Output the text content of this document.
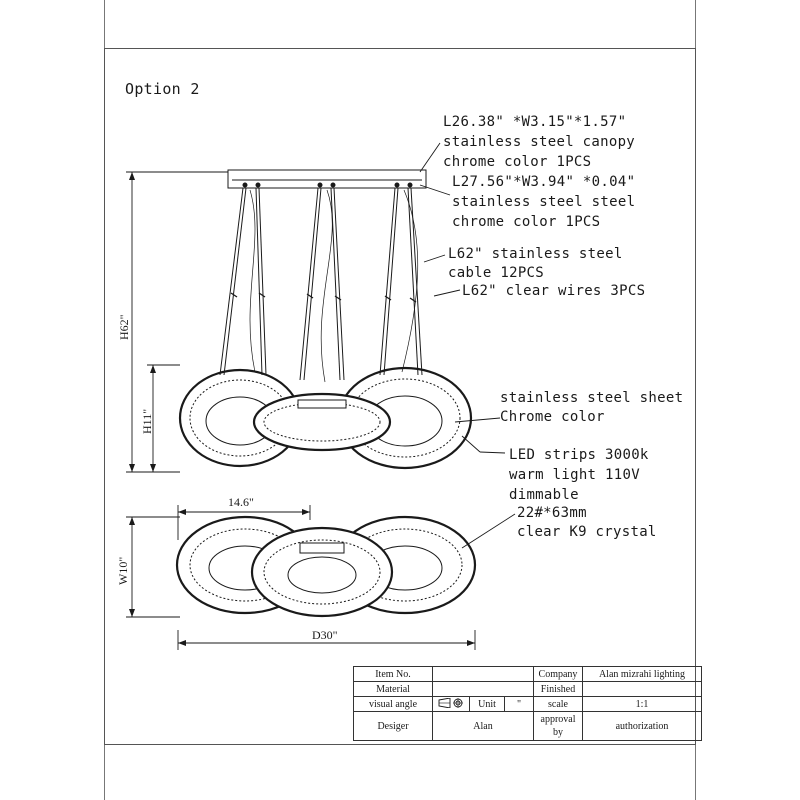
Option 2
L26.38" *W3.15"*1.57"
stainless steel canopy
chrome color 1PCS
L27.56"*W3.94" *0.04"
stainless steel steel
chrome color 1PCS
L62" stainless steel
cable 12PCS
L62" clear wires 3PCS
stainless steel sheet
Chrome color
LED strips 3000k
warm light 110V
dimmable
22#*63mm
clear K9 crystal
H62"
H11"
14.6"
W10"
D30"
Item No.				Company	Alan mizrahi lighting
Material				Finished	
visual angle		Unit	"	scale	1:1
Desiger	Alan			approval by	authorization
